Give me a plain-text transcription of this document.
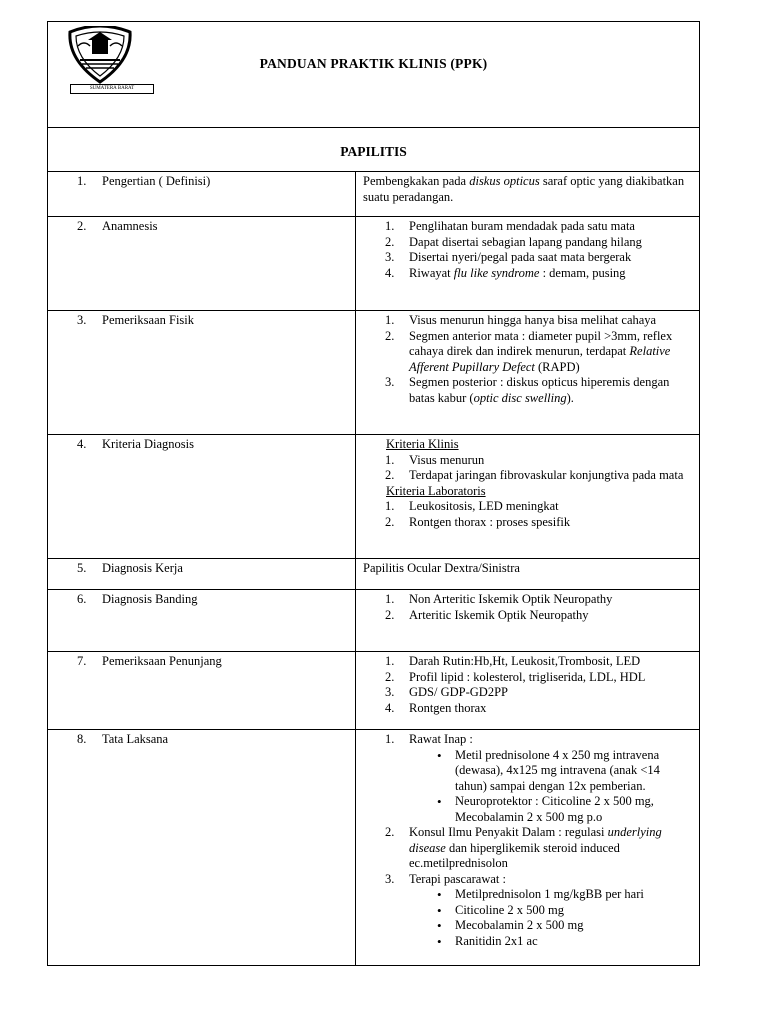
SUMATERA BARAT
PANDUAN PRAKTIK KLINIS (PPK)
PAPILITIS
1. Pengertian ( Definisi)	Pembengkakan pada diskus opticus saraf optic yang diakibatkan suatu peradangan.
2. Anamnesis	1. Penglihatan buram mendadak pada satu mata
2. Dapat disertai sebagian lapang pandang hilang
3. Disertai nyeri/pegal pada saat mata bergerak
4. Riwayat flu like syndrome : demam, pusing
3. Pemeriksaan Fisik	1. Visus menurun hingga hanya bisa melihat cahaya
2. Segmen anterior mata : diameter pupil >3mm, reflex cahaya direk dan indirek menurun, terdapat Relative Afferent Pupillary Defect (RAPD)
3. Segmen posterior : diskus opticus hiperemis dengan batas kabur (optic disc swelling).
4. Kriteria Diagnosis	Kriteria Klinis
1. Visus menurun
2. Terdapat jaringan fibrovaskular konjungtiva pada mata
Kriteria Laboratoris
1. Leukositosis, LED meningkat
2. Rontgen thorax : proses spesifik
5. Diagnosis Kerja	Papilitis Ocular Dextra/Sinistra
6. Diagnosis Banding	1. Non Arteritic Iskemik Optik Neuropathy
2. Arteritic Iskemik Optik Neuropathy
7. Pemeriksaan Penunjang	1. Darah Rutin:Hb,Ht, Leukosit,Trombosit, LED
2. Profil lipid : kolesterol, trigliserida, LDL, HDL
3. GDS/ GDP-GD2PP
4. Rontgen thorax
8. Tata Laksana	1. Rawat Inap :
• Metil prednisolone 4 x 250 mg intravena (dewasa), 4x125 mg intravena (anak <14 tahun) sampai dengan 12x pemberian.
• Neuroprotektor : Citicoline 2 x 500 mg, Mecobalamin 2 x 500 mg p.o
2. Konsul Ilmu Penyakit Dalam : regulasi underlying disease dan hiperglikemik steroid induced ec.metilprednisolon
3. Terapi pascarawat :
• Metilprednisolon 1 mg/kgBB per hari
• Citicoline 2 x 500 mg
• Mecobalamin 2 x 500 mg
• Ranitidin 2x1 ac
